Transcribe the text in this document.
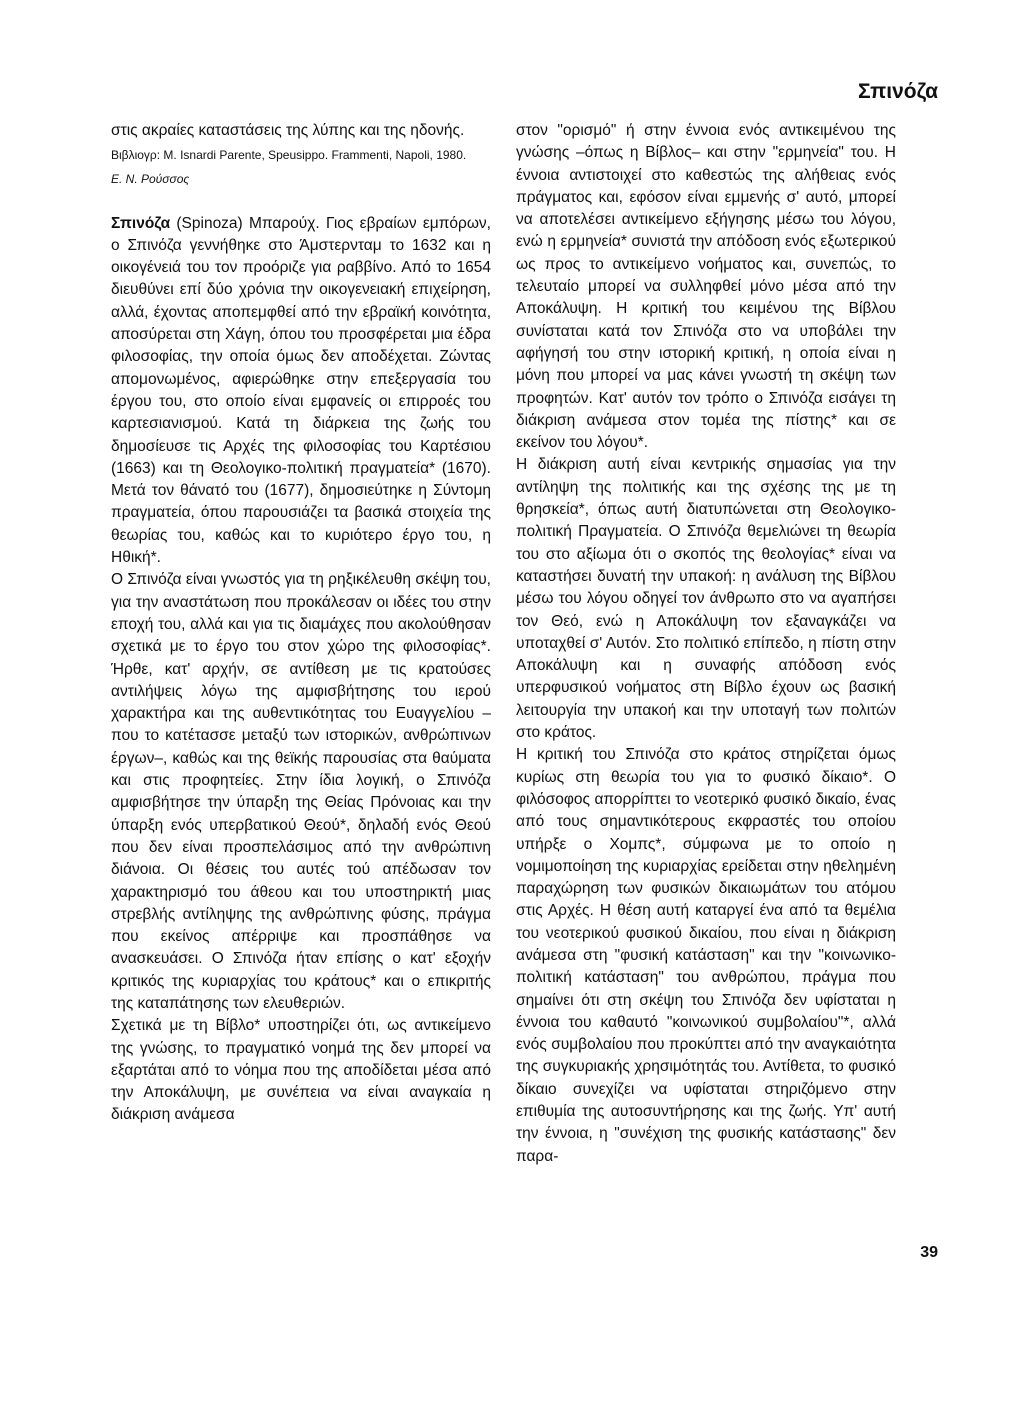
Σπινόζα

στις ακραίες καταστάσεις της λύπης και της ηδονής.

Βιβλιογρ: M. Isnardi Parente, Speusippo. Frammenti, Napoli, 1980.

Ε. Ν. Ρούσσος

Σπινόζα (Spinoza) Μπαρούχ. Γιος εβραίων εμπόρων, ο Σπινόζα γεννήθηκε στο Άμστερνταμ το 1632 και η οικογένειά του τον προόριζε για ραββίνο. Από το 1654 διευθύνει επί δύο χρόνια την οικογενειακή επιχείρηση, αλλά, έχοντας αποπεμφθεί από την εβραϊκή κοινότητα, αποσύρεται στη Χάγη, όπου του προσφέρεται μια έδρα φιλοσοφίας, την οποία όμως δεν αποδέχεται. Ζώντας απομονωμένος, αφιερώθηκε στην επεξεργασία του έργου του, στο οποίο είναι εμφανείς οι επιρροές του καρτεσιανισμού. Κατά τη διάρκεια της ζωής του δημοσίευσε τις Αρχές της φιλοσοφίας του Καρτέσιου (1663) και τη Θεολογικο-πολιτική πραγματεία* (1670). Μετά τον θάνατό του (1677), δημοσιεύτηκε η Σύντομη πραγματεία, όπου παρουσιάζει τα βασικά στοιχεία της θεωρίας του, καθώς και το κυριότερο έργο του, η Ηθική*.

Ο Σπινόζα είναι γνωστός για τη ρηξικέλευθη σκέψη του, για την αναστάτωση που προκάλεσαν οι ιδέες του στην εποχή του, αλλά και για τις διαμάχες που ακολούθησαν σχετικά με το έργο του στον χώρο της φιλοσοφίας*. Ήρθε, κατ' αρχήν, σε αντίθεση με τις κρατούσες αντιλήψεις λόγω της αμφισβήτησης του ιερού χαρακτήρα και της αυθεντικότητας του Ευαγγελίου –που το κατέτασσε μεταξύ των ιστορικών, ανθρώπινων έργων–, καθώς και της θεϊκής παρουσίας στα θαύματα και στις προφητείες. Στην ίδια λογική, ο Σπινόζα αμφισβήτησε την ύπαρξη της Θείας Πρόνοιας και την ύπαρξη ενός υπερβατικού Θεού*, δηλαδή ενός Θεού που δεν είναι προσπελάσιμος από την ανθρώπινη διάνοια. Οι θέσεις του αυτές τού απέδωσαν τον χαρακτηρισμό του άθεου και του υποστηρικτή μιας στρεβλής αντίληψης της ανθρώπινης φύσης, πράγμα που εκείνος απέρριψε και προσπάθησε να ανασκευάσει. Ο Σπινόζα ήταν επίσης ο κατ' εξοχήν κριτικός της κυριαρχίας του κράτους* και ο επικριτής της καταπάτησης των ελευθεριών.

Σχετικά με τη Βίβλο* υποστηρίζει ότι, ως αντικείμενο της γνώσης, το πραγματικό νοημά της δεν μπορεί να εξαρτάται από το νόημα που της αποδίδεται μέσα από την Αποκάλυψη, με συνέπεια να είναι αναγκαία η διάκριση ανάμεσα

στον "ορισμό" ή στην έννοια ενός αντικειμένου της γνώσης –όπως η Βίβλος– και στην "ερμηνεία" του. Η έννοια αντιστοιχεί στο καθεστώς της αλήθειας ενός πράγματος και, εφόσον είναι εμμενής σ' αυτό, μπορεί να αποτελέσει αντικείμενο εξήγησης μέσω του λόγου, ενώ η ερμηνεία* συνιστά την απόδοση ενός εξωτερικού ως προς το αντικείμενο νοήματος και, συνεπώς, το τελευταίο μπορεί να συλληφθεί μόνο μέσα από την Αποκάλυψη. Η κριτική του κειμένου της Βίβλου συνίσταται κατά τον Σπινόζα στο να υποβάλει την αφήγησή του στην ιστορική κριτική, η οποία είναι η μόνη που μπορεί να μας κάνει γνωστή τη σκέψη των προφητών. Κατ' αυτόν τον τρόπο ο Σπινόζα εισάγει τη διάκριση ανάμεσα στον τομέα της πίστης* και σε εκείνον του λόγου*.

Η διάκριση αυτή είναι κεντρικής σημασίας για την αντίληψη της πολιτικής και της σχέσης της με τη θρησκεία*, όπως αυτή διατυπώνεται στη Θεολογικο-πολιτική Πραγματεία. Ο Σπινόζα θεμελιώνει τη θεωρία του στο αξίωμα ότι ο σκοπός της θεολογίας* είναι να καταστήσει δυνατή την υπακοή: η ανάλυση της Βίβλου μέσω του λόγου οδηγεί τον άνθρωπο στο να αγαπήσει τον Θεό, ενώ η Αποκάλυψη τον εξαναγκάζει να υποταχθεί σ' Αυτόν. Στο πολιτικό επίπεδο, η πίστη στην Αποκάλυψη και η συναφής απόδοση ενός υπερφυσικού νοήματος στη Βίβλο έχουν ως βασική λειτουργία την υπακοή και την υποταγή των πολιτών στο κράτος.

Η κριτική του Σπινόζα στο κράτος στηρίζεται όμως κυρίως στη θεωρία του για το φυσικό δίκαιο*. Ο φιλόσοφος απορρίπτει το νεοτερικό φυσικό δικαίο, ένας από τους σημαντικότερους εκφραστές του οποίου υπήρξε ο Χομπς*, σύμφωνα με το οποίο η νομιμοποίηση της κυριαρχίας ερείδεται στην ηθελημένη παραχώρηση των φυσικών δικαιωμάτων του ατόμου στις Αρχές. Η θέση αυτή καταργεί ένα από τα θεμέλια του νεοτερικού φυσικού δικαίου, που είναι η διάκριση ανάμεσα στη "φυσική κατάσταση" και την "κοινωνικο-πολιτική κατάσταση" του ανθρώπου, πράγμα που σημαίνει ότι στη σκέψη του Σπινόζα δεν υφίσταται η έννοια του καθαυτό "κοινωνικού συμβολαίου"*, αλλά ενός συμβολαίου που προκύπτει από την αναγκαιότητα της συγκυριακής χρησιμότητάς του. Αντίθετα, το φυσικό δίκαιο συνεχίζει να υφίσταται στηριζόμενο στην επιθυμία της αυτοσυντήρησης και της ζωής. Υπ' αυτή την έννοια, η "συνέχιση της φυσικής κατάστασης" δεν παρα-

39
